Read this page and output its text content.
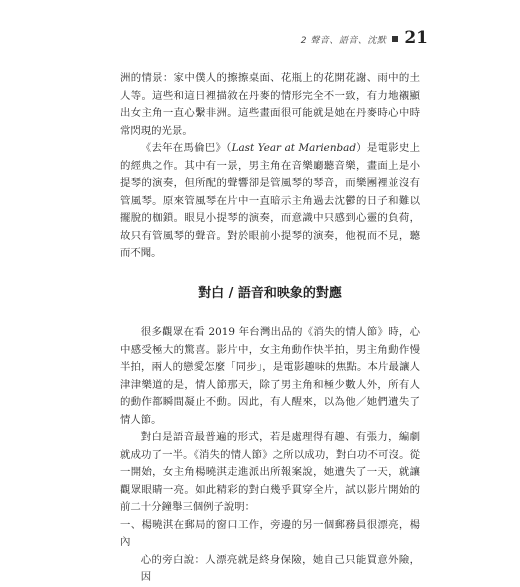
2 聲音、語音、沈默 21

洲的情景：家中僕人的擦擦桌面、花瓶上的花開花謝、雨中的土人等。這些和這日裡描敘在丹麥的情形完全不一致，有力地襯顯出女主角一直心繫非洲。這些畫面很可能就是她在丹麥時心中時常閃現的光景。

《去年在馬倫巴》（Last Year at Marienbad）是電影史上的經典之作。其中有一景，男主角在音樂廳聽音樂，畫面上是小提琴的演奏，但所配的聲響卻是管風琴的琴音，而樂團裡並沒有管風琴。原來管風琴在片中一直暗示主角過去沈鬱的日子和難以擺脫的枷鎖。眼見小提琴的演奏，而意識中只感到心靈的負荷，故只有管風琴的聲音。對於眼前小提琴的演奏，他視而不見，聽而不聞。

對白 / 語音和映象的對應

很多觀眾在看 2019 年台灣出品的《消失的情人節》時，心中感受極大的驚喜。影片中，女主角動作快半拍，男主角動作慢半拍，兩人的戀愛怎麼「同步」，是電影趣味的焦點。本片最讓人津津樂道的是，情人節那天，除了男主角和極少數人外，所有人的動作都瞬間凝止不動。因此，有人醒來，以為他／她們遺失了情人節。

對白是語音最普遍的形式，若是處理得有趣、有張力，編劇就成功了一半。《消失的情人節》之所以成功，對白功不可沒。從一開始，女主角楊曉淇走進派出所報案說，她遺失了一天，就讓觀眾眼睛一亮。如此精彩的對白幾乎貫穿全片，試以影片開始的前二十分鐘舉三個例子說明：

一、楊曉淇在郵局的窗口工作，旁邊的另一個郵務員很漂亮，楊內

心的旁白說：人漂亮就是終身保險，她自己只能買意外險，因
